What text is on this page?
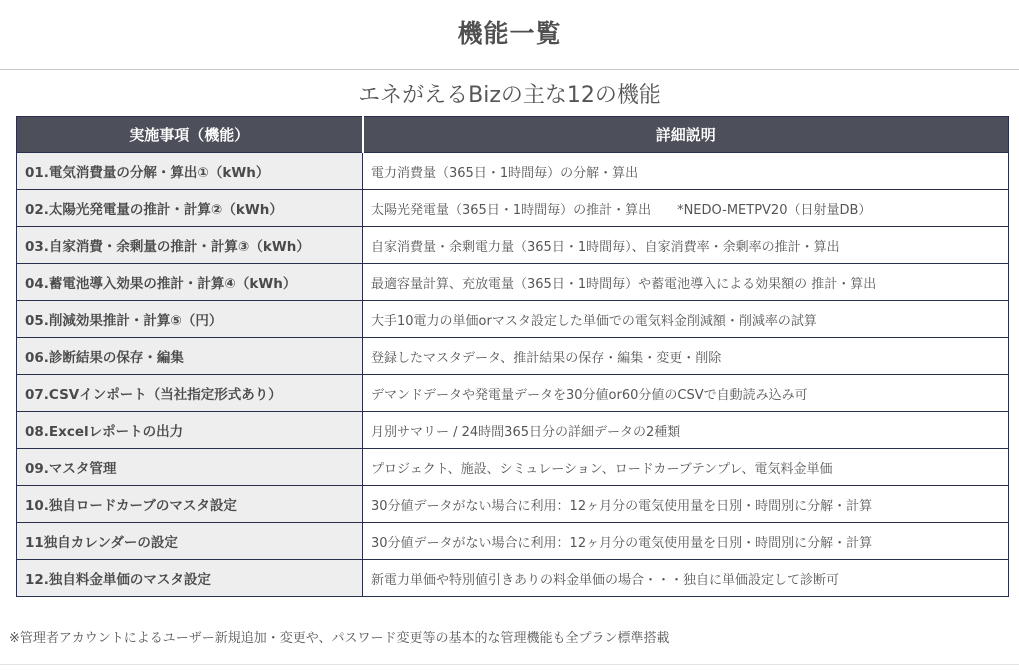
機能一覧
エネがえるBizの主な12の機能
実施事項（機能）	詳細説明
01.電気消費量の分解・算出①（kWh）	電力消費量（365日・1時間毎）の分解・算出
02.太陽光発電量の推計・計算②（kWh）	太陽光発電量（365日・1時間毎）の推計・算出　　*NEDO-METPV20（日射量DB）
03.自家消費・余剰量の推計・計算③（kWh）	自家消費量・余剰電力量（365日・1時間毎）、自家消費率・余剰率の推計・算出
04.蓄電池導入効果の推計・計算④（kWh）	最適容量計算、充放電量（365日・1時間毎）や蓄電池導入による効果額の 推計・算出
05.削減効果推計・計算⑤（円）	大手10電力の単価orマスタ設定した単価での電気料金削減額・削減率の試算
06.診断結果の保存・編集	登録したマスタデータ、推計結果の保存・編集・変更・削除
07.CSVインポート（当社指定形式あり）	デマンドデータや発電量データを30分値or60分値のCSVで自動読み込み可
08.Excelレポートの出力	月別サマリー / 24時間365日分の詳細データの2種類
09.マスタ管理	プロジェクト、施設、シミュレーション、ロードカーブテンプレ、電気料金単価
10.独自ロードカーブのマスタ設定	30分値データがない場合に利用：12ヶ月分の電気使用量を日別・時間別に分解・計算
11独自カレンダーの設定	30分値データがない場合に利用：12ヶ月分の電気使用量を日別・時間別に分解・計算
12.独自料金単価のマスタ設定	新電力単価や特別値引きありの料金単価の場合・・・独自に単価設定して診断可
※管理者アカウントによるユーザー新規追加・変更や、パスワード変更等の基本的な管理機能も全プラン標準搭載
